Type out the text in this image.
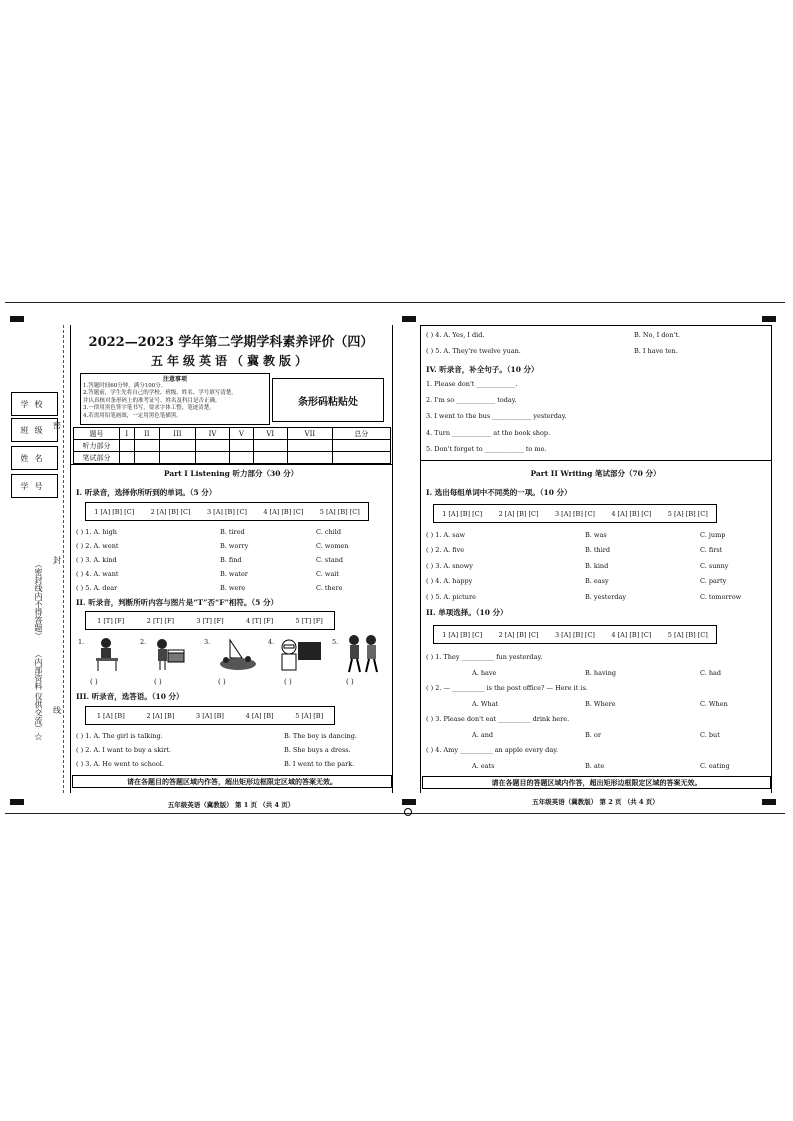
学校
班级
姓名
学号
（密封线内不得答题）
（内部资料 仅供交流）☆
密
封
线
2022—2023 学年第二学期学科素养评价（四）
五年级英语（冀教版）
注意事项
1.答题时间60分钟，满分100分。
2.答题前，学生先将自己的学校、班级、姓名、学号填写清楚。
并认真核对条形码上的准考证号、姓名及科目是否正确。
3.一律用黑色签字笔书写，要求字体工整、笔迹清楚。
4.若需用铅笔画图，一定用黑色笔描黑。
条形码粘贴处
题号	I	II	III	IV	V	VI	VII	总分
听力部分								
笔试部分								
Part I Listening 听力部分（30 分）
I. 听录音，选择你所听到的单词。（5 分）
1 [A] [B] [C]	2 [A] [B] [C]	3 [A] [B] [C]	4 [A] [B] [C]	5 [A] [B] [C]
( ) 1. A. high	B. tired	C. child
( ) 2. A. went	B. worry	C. women
( ) 3. A. kind	B. find	C. stand
( ) 4. A. want	B. water	C. wait
( ) 5. A. dear	B. were	C. there
II. 听录音，判断所听内容与图片是“T”否“F”相符。（5 分）
1 [T] [F]	2 [T] [F]	3 [T] [F]	4 [T] [F]	5 [T] [F]
1.	2.	3.	4.	5.
( )	( )	( )	( )	( )
III. 听录音，选答语。（10 分）
1 [A] [B]	2 [A] [B]	3 [A] [B]	4 [A] [B]	5 [A] [B]
( ) 1. A. The girl is talking.	B. The boy is dancing.
( ) 2. A. I want to buy a skirt.	B. She buys a dress.
( ) 3. A. He went to school.	B. I went to the park.
请在各题目的答题区域内作答，超出矩形边框限定区域的答案无效。
五年级英语（冀教版） 第 1 页 （共 4 页）
( ) 4. A. Yes, I did.	B. No, I don't.
( ) 5. A. They're twelve yuan.	B. I have ten.
IV. 听录音，补全句子。（10 分）
1. Please don't ____________.
2. I'm so ____________ today.
3. I went to the bus ____________ yesterday.
4. Turn ____________ at the book shop.
5. Don't forget to ____________ to me.
Part II Writing 笔试部分（70 分）
I. 选出每组单词中不同类的一项。（10 分）
1 [A] [B] [C]	2 [A] [B] [C]	3 [A] [B] [C]	4 [A] [B] [C]	5 [A] [B] [C]
( ) 1. A. saw	B. was	C. jump
( ) 2. A. five	B. third	C. first
( ) 3. A. snowy	B. kind	C. sunny
( ) 4. A. happy	B. easy	C. party
( ) 5. A. picture	B. yesterday	C. tomorrow
II. 单项选择。（10 分）
1 [A] [B] [C]	2 [A] [B] [C]	3 [A] [B] [C]	4 [A] [B] [C]	5 [A] [B] [C]
( ) 1. They __________ fun yesterday.
A. have	B. having	C. had
( ) 2. — __________ is the post office? — Here it is.
A. What	B. Where	C. When
( ) 3. Please don't eat __________ drink here.
A. and	B. or	C. but
( ) 4. Amy __________ an apple every day.
A. eats	B. ate	C. eating
请在各题目的答题区域内作答，超出矩形边框限定区域的答案无效。
五年级英语（冀教版） 第 2 页 （共 4 页）
